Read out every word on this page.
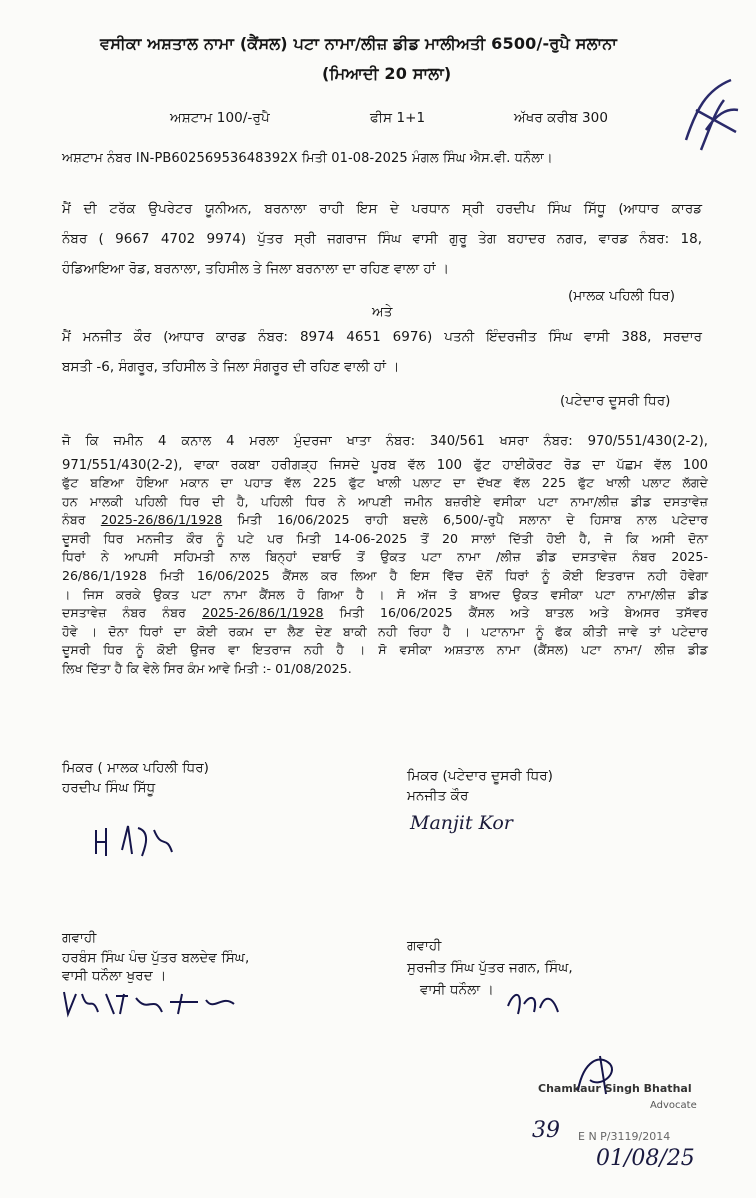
ਵਸੀਕਾ ਅਸ਼ਤਾਲ ਨਾਮਾ (ਕੈਂਸਲ) ਪਟਾ ਨਾਮਾ/ਲੀਜ਼ ਡੀਡ ਮਾਲੀਅਤੀ 6500/-ਰੁਪੈ ਸਲਾਨਾ
(ਮਿਆਦੀ 20 ਸਾਲਾ)
ਅਸ਼ਟਾਮ 100/-ਰੁਪੈ	ਫੀਸ 1+1	ਅੱਖਰ ਕਰੀਬ 300
ਅਸ਼ਟਾਮ ਨੰਬਰ IN-PB60256953648392X ਮਿਤੀ 01-08-2025 ਮੰਗਲ ਸਿੰਘ ਐਸ.ਵੀ. ਧਨੌਲਾ।
ਮੈਂ ਦੀ ਟਰੱਕ ਉਪਰੇਟਰ ਯੂਨੀਅਨ, ਬਰਨਾਲਾ ਰਾਹੀ ਇਸ ਦੇ ਪਰਧਾਨ ਸ੍ਰੀ ਹਰਦੀਪ ਸਿੰਘ ਸਿੱਧੂ (ਆਧਾਰ ਕਾਰਡ
ਨੰਬਰ ( 9667 4702 9974) ਪੁੱਤਰ ਸ੍ਰੀ ਜਗਰਾਜ ਸਿੰਘ ਵਾਸੀ ਗੁਰੂ ਤੇਗ ਬਹਾਦਰ ਨਗਰ, ਵਾਰਡ ਨੰਬਰ: 18,
ਹੰਡਿਆਇਆ ਰੋਡ, ਬਰਨਾਲਾ, ਤਹਿਸੀਲ ਤੇ ਜਿਲਾ ਬਰਨਾਲਾ ਦਾ ਰਹਿਣ ਵਾਲਾ ਹਾਂ ।
(ਮਾਲਕ ਪਹਿਲੀ ਧਿਰ)
ਅਤੇ
ਮੈਂ ਮਨਜੀਤ ਕੌਰ (ਆਧਾਰ ਕਾਰਡ ਨੰਬਰ: 8974 4651 6976) ਪਤਨੀ ਇੰਦਰਜੀਤ ਸਿੰਘ ਵਾਸੀ 388, ਸਰਦਾਰ
ਬਸਤੀ -6, ਸੰਗਰੂਰ, ਤਹਿਸੀਲ ਤੇ ਜਿਲਾ ਸੰਗਰੂਰ ਦੀ ਰਹਿਣ ਵਾਲੀ ਹਾਂ ।
(ਪਟੇਦਾਰ ਦੂਸਰੀ ਧਿਰ)
ਜੋ ਕਿ ਜਮੀਨ 4 ਕਨਾਲ 4 ਮਰਲਾ ਮੁੰਦਰਜਾ ਖਾਤਾ ਨੰਬਰ: 340/561 ਖਸਰਾ ਨੰਬਰ: 970/551/430(2-2),
971/551/430(2-2), ਵਾਕਾ ਰਕਬਾ ਹਰੀਗੜ੍ਹ ਜਿਸਦੇ ਪੂਰਬ ਵੱਲ 100 ਫੁੱਟ ਹਾਈਕੋਰਟ ਰੋਡ ਦਾ ਪੱਛਮ ਵੱਲ 100
ਫੁੱਟ ਬਣਿਆ ਹੋਇਆ ਮਕਾਨ ਦਾ ਪਹਾੜ ਵੱਲ 225 ਫੁੱਟ ਖਾਲੀ ਪਲਾਟ ਦਾ ਦੱਖਣ ਵੱਲ 225 ਫੁੱਟ ਖਾਲੀ ਪਲਾਟ ਲੱਗਦੇ
ਹਨ ਮਾਲਕੀ ਪਹਿਲੀ ਧਿਰ ਦੀ ਹੈ, ਪਹਿਲੀ ਧਿਰ ਨੇ ਆਪਣੀ ਜਮੀਨ ਬਜ਼ਰੀਏ ਵਸੀਕਾ ਪਟਾ ਨਾਮਾ/ਲੀਜ਼ ਡੀਡ ਦਸਤਾਵੇਜ਼
ਨੰਬਰ 2025-26/86/1/1928 ਮਿਤੀ 16/06/2025 ਰਾਹੀ ਬਦਲੇ 6,500/-ਰੁਪੈ ਸਲਾਨਾ ਦੇ ਹਿਸਾਬ ਨਾਲ ਪਟੇਦਾਰ
ਦੂਸਰੀ ਧਿਰ ਮਨਜੀਤ ਕੌਰ ਨੂੰ ਪਟੇ ਪਰ ਮਿਤੀ 14-06-2025 ਤੋਂ 20 ਸਾਲਾਂ ਦਿੱਤੀ ਹੋਈ ਹੈ, ਜੋ ਕਿ ਅਸੀ ਦੋਨਾ
ਧਿਰਾਂ ਨੇ ਆਪਸੀ ਸਹਿਮਤੀ ਨਾਲ ਬਿਨ੍ਹਾਂ ਦਬਾਓ ਤੋਂ ਉਕਤ ਪਟਾ ਨਾਮਾ /ਲੀਜ਼ ਡੀਡ ਦਸਤਾਵੇਜ਼ ਨੰਬਰ 2025-
26/86/1/1928 ਮਿਤੀ 16/06/2025 ਕੈਂਸਲ ਕਰ ਲਿਆ ਹੈ ਇਸ ਵਿੱਚ ਦੋਨੋਂ ਧਿਰਾਂ ਨੂੰ ਕੋਈ ਇਤਰਾਜ ਨਹੀ ਹੋਵੇਗਾ
। ਜਿਸ ਕਰਕੇ ਉਕਤ ਪਟਾ ਨਾਮਾ ਕੈਂਸਲ ਹੋ ਗਿਆ ਹੈ । ਸੋ ਅੱਜ ਤੋ ਬਾਅਦ ਉਕਤ ਵਸੀਕਾ ਪਟਾ ਨਾਮਾ/ਲੀਜ਼ ਡੀਡ
ਦਸਤਾਵੇਜ਼ ਨੰਬਰ ਨੰਬਰ 2025-26/86/1/1928 ਮਿਤੀ 16/06/2025 ਕੈਂਸਲ ਅਤੇ ਬਾਤਲ ਅਤੇ ਬੇਅਸਰ ਤਸੱਵਰ
ਹੋਵੇ । ਦੋਨਾ ਧਿਰਾਂ ਦਾ ਕੋਈ ਰਕਮ ਦਾ ਲੈਣ ਦੇਣ ਬਾਕੀ ਨਹੀ ਰਿਹਾ ਹੈ । ਪਟਾਨਾਮਾ ਨੂੰ ਫੱਕ ਕੀਤੀ ਜਾਵੇ ਤਾਂ ਪਟੇਦਾਰ
ਦੂਸਰੀ ਧਿਰ ਨੂੰ ਕੋਈ ਉਜਰ ਵਾ ਇਤਰਾਜ ਨਹੀ ਹੈ । ਸੋ ਵਸੀਕਾ ਅਸ਼ਤਾਲ ਨਾਮਾ (ਕੈਂਸਲ) ਪਟਾ ਨਾਮਾ/ ਲੀਜ਼ ਡੀਡ
ਲਿਖ ਦਿੱਤਾ ਹੈ ਕਿ ਵੇਲੇ ਸਿਰ ਕੰਮ ਆਵੇ ਮਿਤੀ :- 01/08/2025.
ਮਿਕਰ ( ਮਾਲਕ ਪਹਿਲੀ ਧਿਰ)
ਹਰਦੀਪ ਸਿੰਘ ਸਿੱਧੂ
ਮਿਕਰ (ਪਟੇਦਾਰ ਦੂਸਰੀ ਧਿਰ)
ਮਨਜੀਤ ਕੌਰ
Manjit Kor
ਗਵਾਹੀ
ਹਰਬੰਸ ਸਿੰਘ ਪੰਚ ਪੁੱਤਰ ਬਲਦੇਵ ਸਿੰਘ,
ਵਾਸੀ ਧਨੌਲਾ ਖੁਰਦ ।
ਗਵਾਹੀ
ਸੁਰਜੀਤ ਸਿੰਘ ਪੁੱਤਰ ਜਗਨ, ਸਿੰਘ,
ਵਾਸੀ ਧਨੌਲਾ ।
Chamkaur Singh Bhathal
Advocate
E N P/3119/2014
39
01/08/25
